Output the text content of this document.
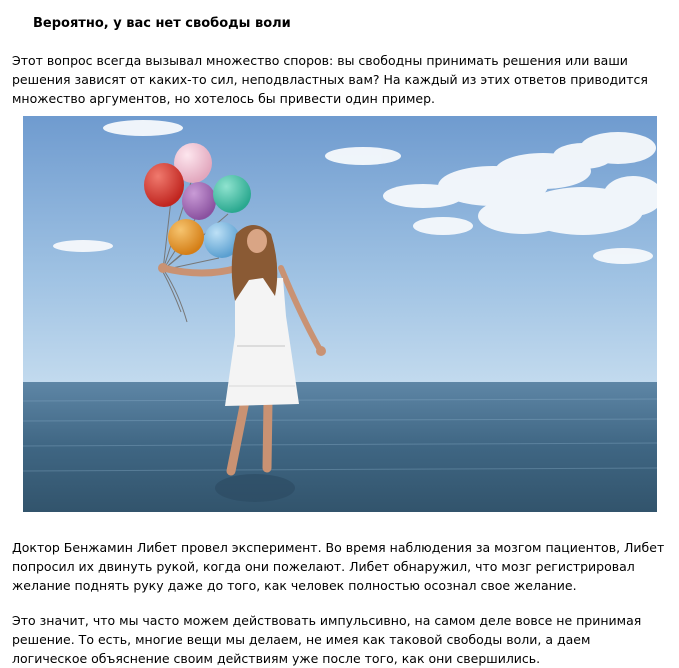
Вероятно, у вас нет свободы воли
Этот вопрос всегда вызывал множество споров: вы свободны принимать решения или ваши
решения зависят от каких-то сил, неподвластных вам? На каждый из этих ответов приводится
множество аргументов, но хотелось бы привести один пример.
Доктор Бенжамин Либет провел эксперимент. Во время наблюдения за мозгом пациентов, Либет
попросил их двинуть рукой, когда они пожелают. Либет обнаружил, что мозг регистрировал
желание поднять руку даже до того, как человек полностью осознал свое желание.
Это значит, что мы часто можем действовать импульсивно, на самом деле вовсе не принимая
решение. То есть, многие вещи мы делаем, не имея как таковой свободы воли, а даем
логическое объяснение своим действиям уже после того, как они свершились.
